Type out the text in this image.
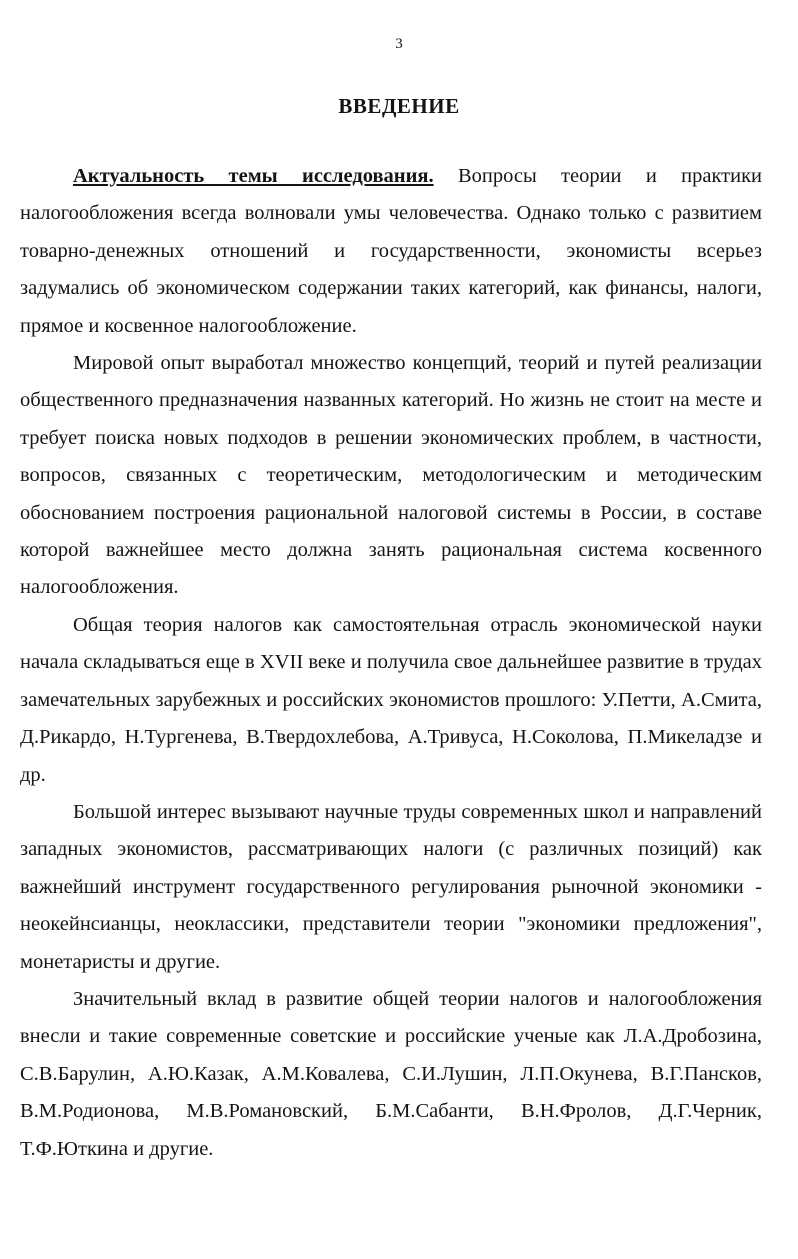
3
ВВЕДЕНИЕ

Актуальность темы исследования. Вопросы теории и практики налогообложения всегда волновали умы человечества. Однако только с развитием товарно-денежных отношений и государственности, экономисты всерьез задумались об экономическом содержании таких категорий, как финансы, налоги, прямое и косвенное налогообложение.

Мировой опыт выработал множество концепций, теорий и путей реализации общественного предназначения названных категорий. Но жизнь не стоит на месте и требует поиска новых подходов в решении экономических проблем, в частности, вопросов, связанных с теоретическим, методологическим и методическим обоснованием построения рациональной налоговой системы в России, в составе которой важнейшее место должна занять рациональная система косвенного налогообложения.

Общая теория налогов как самостоятельная отрасль экономической науки начала складываться еще в XVII веке и получила свое дальнейшее развитие в трудах замечательных зарубежных и российских экономистов прошлого: У.Петти, А.Смита, Д.Рикардо, Н.Тургенева, В.Твердохлебова, А.Тривуса, Н.Соколова, П.Микеладзе и др.

Большой интерес вызывают научные труды современных школ и направлений западных экономистов, рассматривающих налоги (с различных позиций) как важнейший инструмент государственного регулирования рыночной экономики - неокейнсианцы, неоклассики, представители теории "экономики предложения", монетаристы и другие.

Значительный вклад в развитие общей теории налогов и налогообложения внесли и такие современные советские и российские ученые как Л.А.Дробозина, С.В.Барулин, А.Ю.Казак, А.М.Ковалева, С.И.Лушин, Л.П.Окунева, В.Г.Пансков, В.М.Родионова, М.В.Романовский, Б.М.Сабанти, В.Н.Фролов, Д.Г.Черник, Т.Ф.Юткина и другие.
